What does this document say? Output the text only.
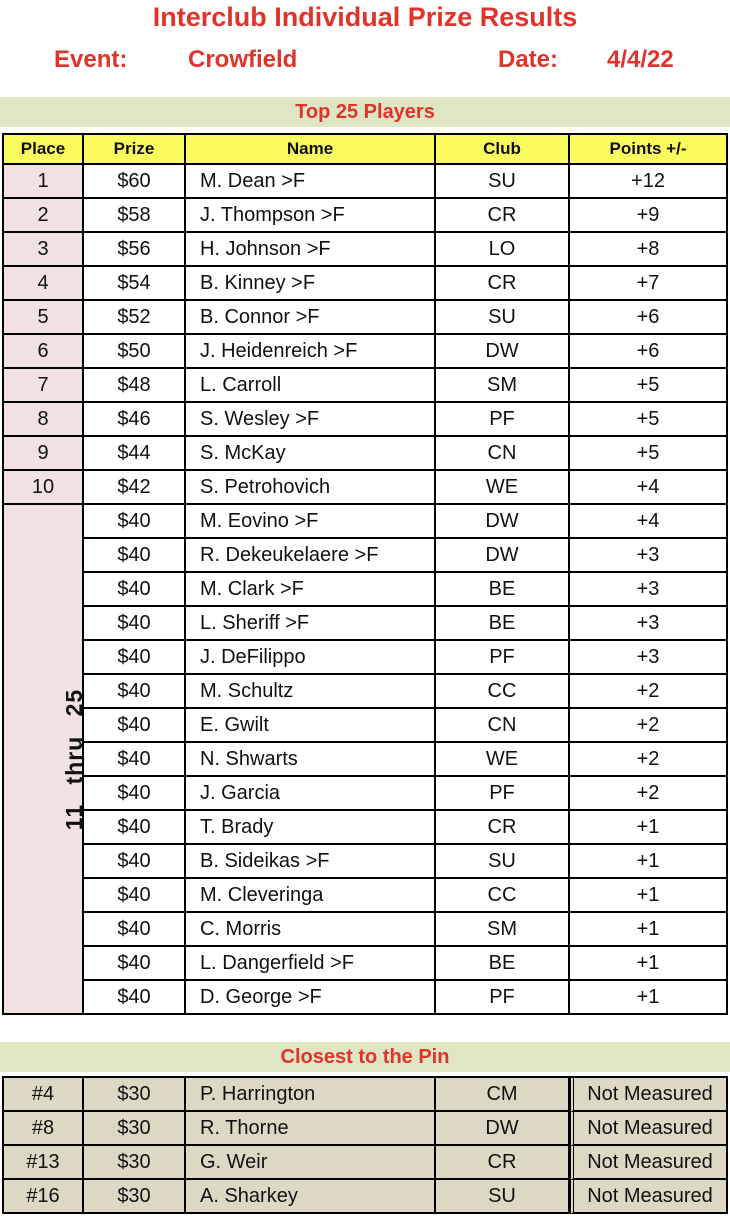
Interclub Individual Prize Results
Event:	Crowfield	Date: 4/4/22
Top 25 Players
Place	Prize	Name	Club	Points +/-
1	$60	M. Dean >F	SU	+12
2	$58	J. Thompson >F	CR	+9
3	$56	H. Johnson >F	LO	+8
4	$54	B. Kinney >F	CR	+7
5	$52	B. Connor >F	SU	+6
6	$50	J. Heidenreich >F	DW	+6
7	$48	L. Carroll	SM	+5
8	$46	S. Wesley >F	PF	+5
9	$44	S. McKay	CN	+5
10	$42	S. Petrohovich	WE	+4
11 thru 25	$40	M. Eovino >F	DW	+4
	$40	R. Dekeukelaere >F	DW	+3
	$40	M. Clark >F	BE	+3
	$40	L. Sheriff >F	BE	+3
	$40	J. DeFilippo	PF	+3
	$40	M. Schultz	CC	+2
	$40	E. Gwilt	CN	+2
	$40	N. Shwarts	WE	+2
	$40	J. Garcia	PF	+2
	$40	T. Brady	CR	+1
	$40	B. Sideikas >F	SU	+1
	$40	M. Cleveringa	CC	+1
	$40	C. Morris	SM	+1
	$40	L. Dangerfield >F	BE	+1
	$40	D. George >F	PF	+1
Closest to the Pin
#4	$30	P. Harrington	CM	Not Measured
#8	$30	R. Thorne	DW	Not Measured
#13	$30	G. Weir	CR	Not Measured
#16	$30	A. Sharkey	SU	Not Measured
